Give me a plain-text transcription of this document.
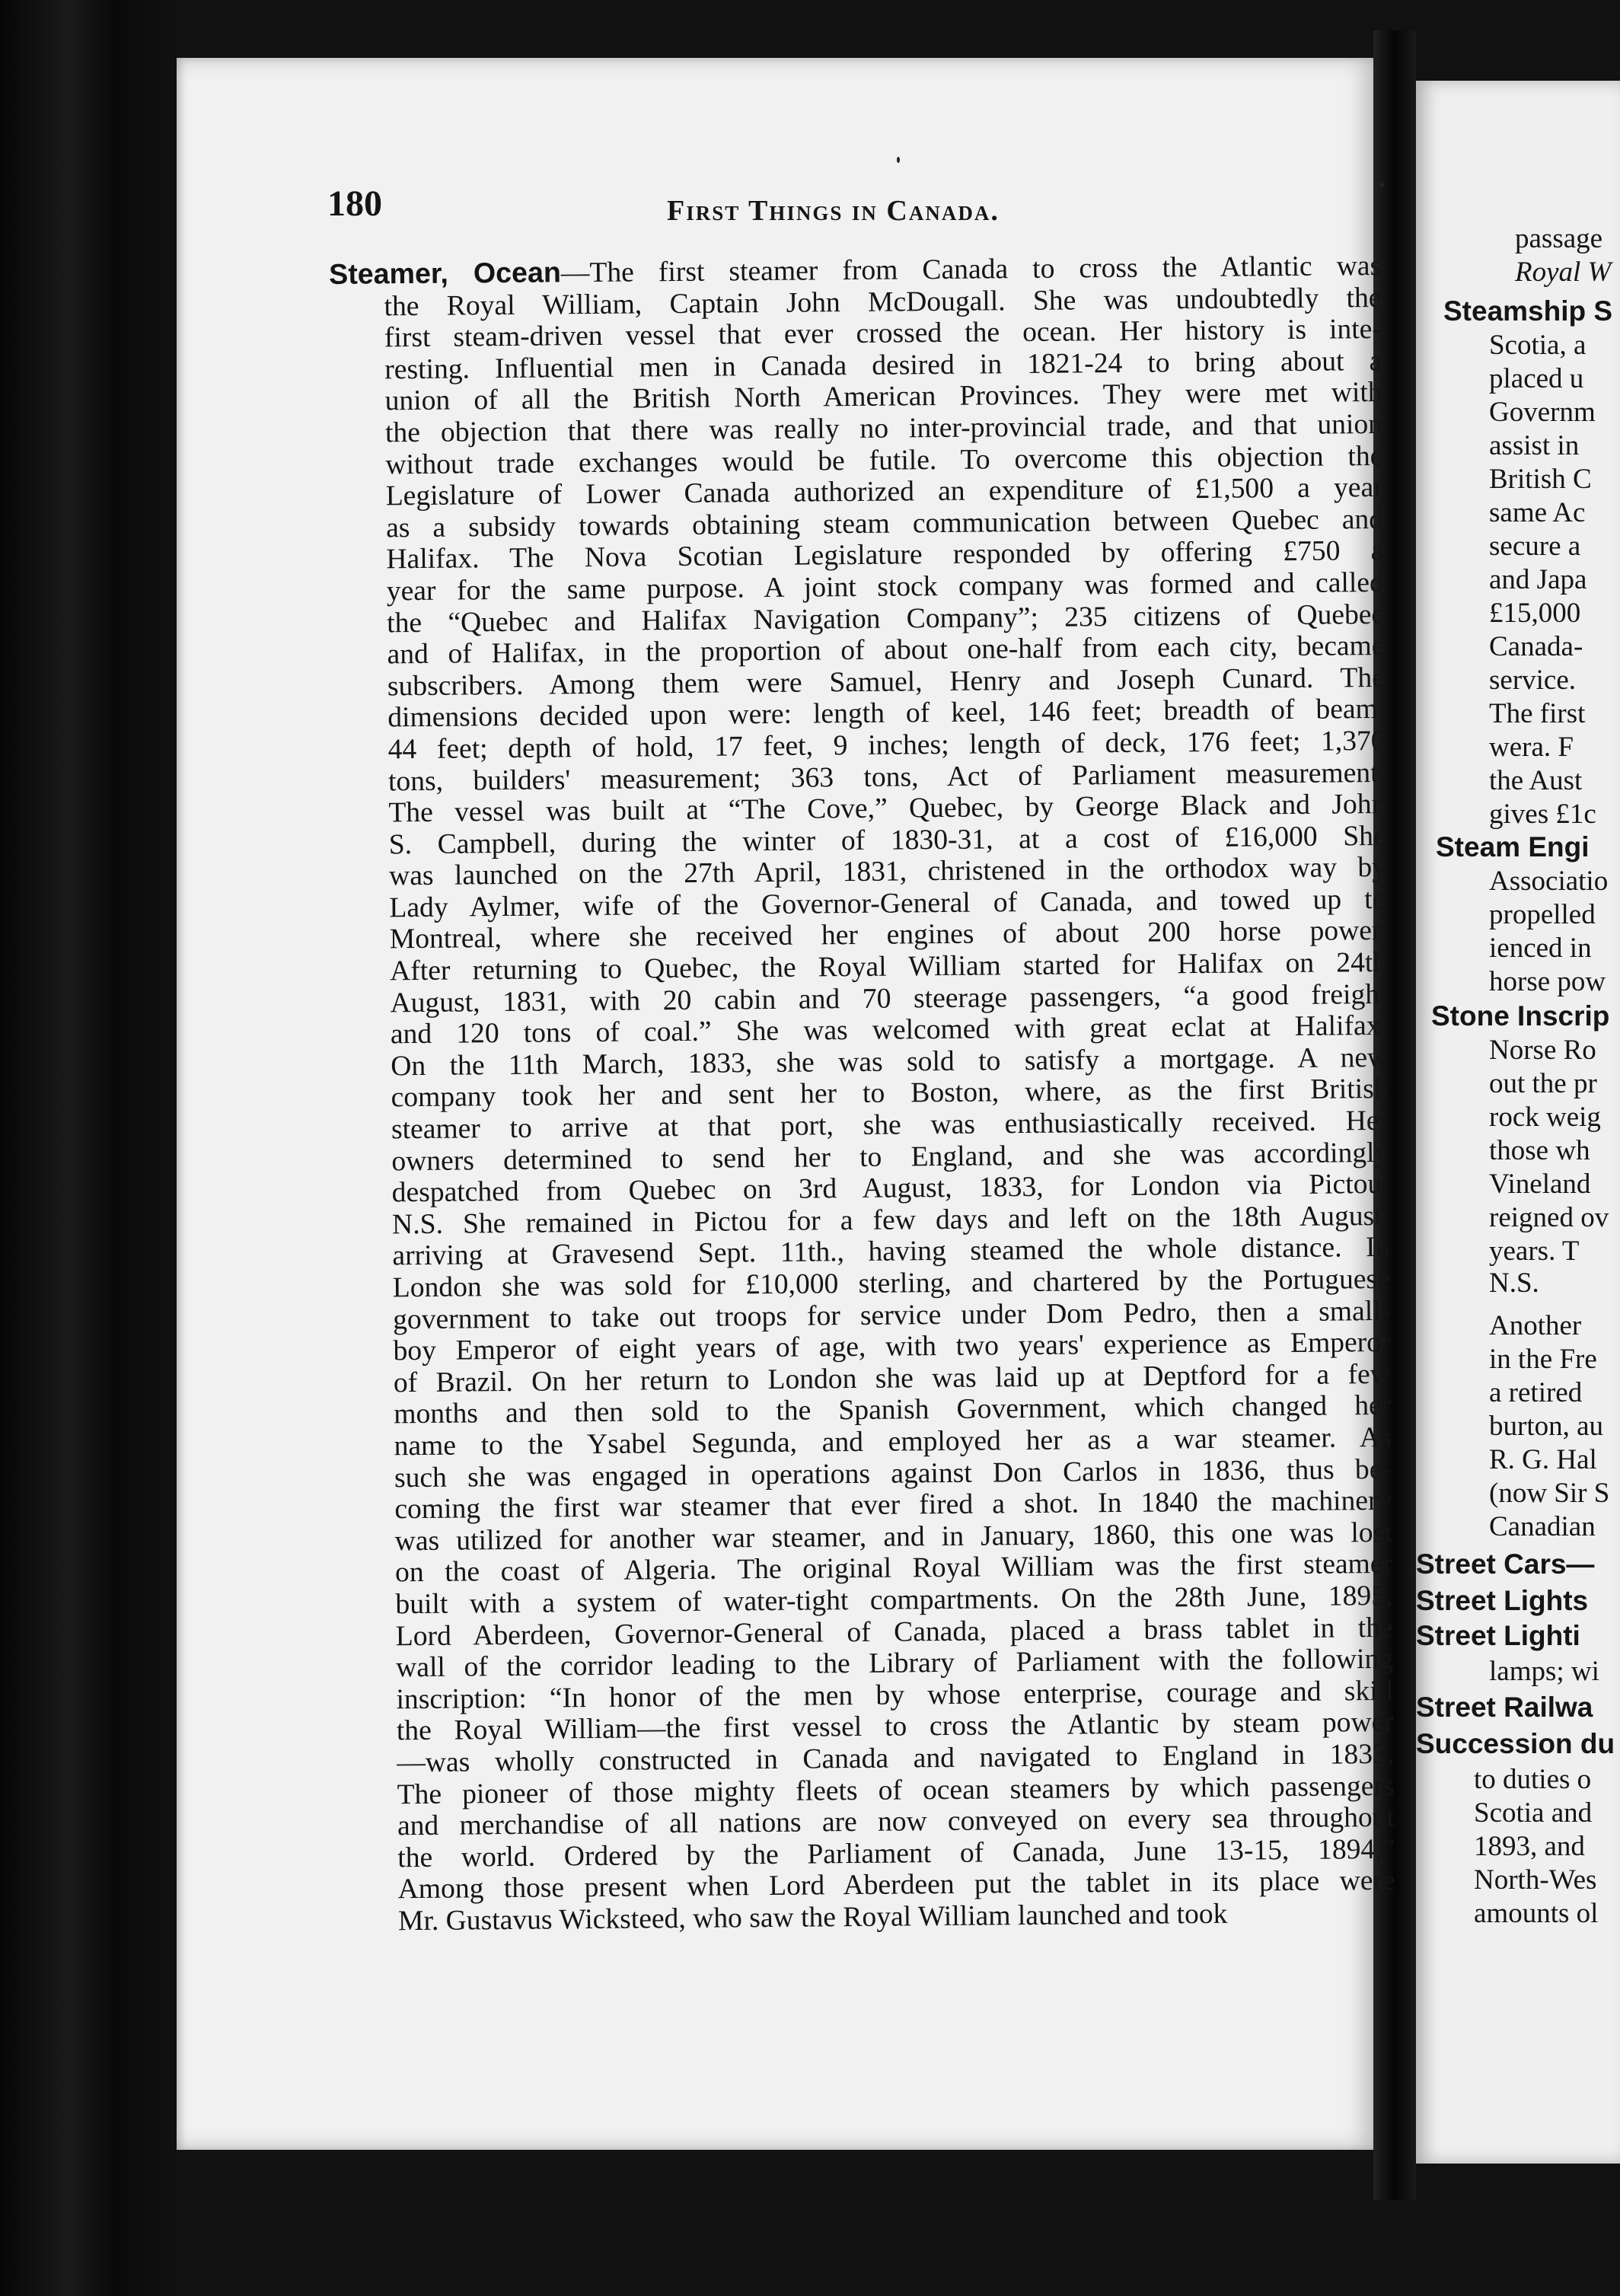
180	First Things in Canada.
Steamer, Ocean—The first steamer from Canada to cross the Atlantic was
the Royal William, Captain John McDougall. She was undoubtedly the
first steam-driven vessel that ever crossed the ocean. Her history is inte-
resting. Influential men in Canada desired in 1821-24 to bring about a
union of all the British North American Provinces. They were met with
the objection that there was really no inter-provincial trade, and that union
without trade exchanges would be futile. To overcome this objection the
Legislature of Lower Canada authorized an expenditure of £1,500 a year
as a subsidy towards obtaining steam communication between Quebec and
Halifax. The Nova Scotian Legislature responded by offering £750 a
year for the same purpose. A joint stock company was formed and called
the “Quebec and Halifax Navigation Company”; 235 citizens of Quebec
and of Halifax, in the proportion of about one-half from each city, became
subscribers. Among them were Samuel, Henry and Joseph Cunard. The
dimensions decided upon were: length of keel, 146 feet; breadth of beam,
44 feet; depth of hold, 17 feet, 9 inches; length of deck, 176 feet; 1,370
tons, builders' measurement; 363 tons, Act of Parliament measurement.
The vessel was built at “The Cove,” Quebec, by George Black and John
S. Campbell, during the winter of 1830-31, at a cost of £16,000 She
was launched on the 27th April, 1831, christened in the orthodox way by
Lady Aylmer, wife of the Governor-General of Canada, and towed up to
Montreal, where she received her engines of about 200 horse power.
After returning to Quebec, the Royal William started for Halifax on 24th
August, 1831, with 20 cabin and 70 steerage passengers, “a good freight
and 120 tons of coal.” She was welcomed with great eclat at Halifax.
On the 11th March, 1833, she was sold to satisfy a mortgage. A new
company took her and sent her to Boston, where, as the first British
steamer to arrive at that port, she was enthusiastically received. Her
owners determined to send her to England, and she was accordingly
despatched from Quebec on 3rd August, 1833, for London via Pictou,
N.S. She remained in Pictou for a few days and left on the 18th August,
arriving at Gravesend Sept. 11th., having steamed the whole distance. In
London she was sold for £10,000 sterling, and chartered by the Portuguese
government to take out troops for service under Dom Pedro, then a small-
boy Emperor of eight years of age, with two years' experience as Emperor
of Brazil. On her return to London she was laid up at Deptford for a few
months and then sold to the Spanish Government, which changed her
name to the Ysabel Segunda, and employed her as a war steamer. As
such she was engaged in operations against Don Carlos in 1836, thus be-
coming the first war steamer that ever fired a shot. In 1840 the machinery
was utilized for another war steamer, and in January, 1860, this one was lost
on the coast of Algeria. The original Royal William was the first steamer
built with a system of water-tight compartments. On the 28th June, 1895,
Lord Aberdeen, Governor-General of Canada, placed a brass tablet in the
wall of the corridor leading to the Library of Parliament with the following
inscription: “In honor of the men by whose enterprise, courage and skill
the Royal William—the first vessel to cross the Atlantic by steam power
—was wholly constructed in Canada and navigated to England in 1833.
The pioneer of those mighty fleets of ocean steamers by which passengers
and merchandise of all nations are now conveyed on every sea throughout
the world. Ordered by the Parliament of Canada, June 13-15, 1894.”
Among those present when Lord Aberdeen put the tablet in its place were
Mr. Gustavus Wicksteed, who saw the Royal William launched and took
passage
Royal W
Steamship S
Scotia, a
placed u
Governm
assist in
British C
same Ac
secure a
and Japa
£15,000
Canada-
service.
The first
wera. F
the Aust
gives £1c
Steam Engi
Associatio
propelled
ienced in
horse pow
Stone Inscrip
Norse Ro
out the pr
rock weig
those wh
Vineland
reigned ov
years. T
N.S.
Another
in the Fre
a retired
burton, au
R. G. Hal
(now Sir S
Canadian
Street Cars—
Street Lights
Street Lighti
lamps; wi
Street Railwa
Succession du
to duties o
Scotia and
1893, and
North-Wes
amounts ol
